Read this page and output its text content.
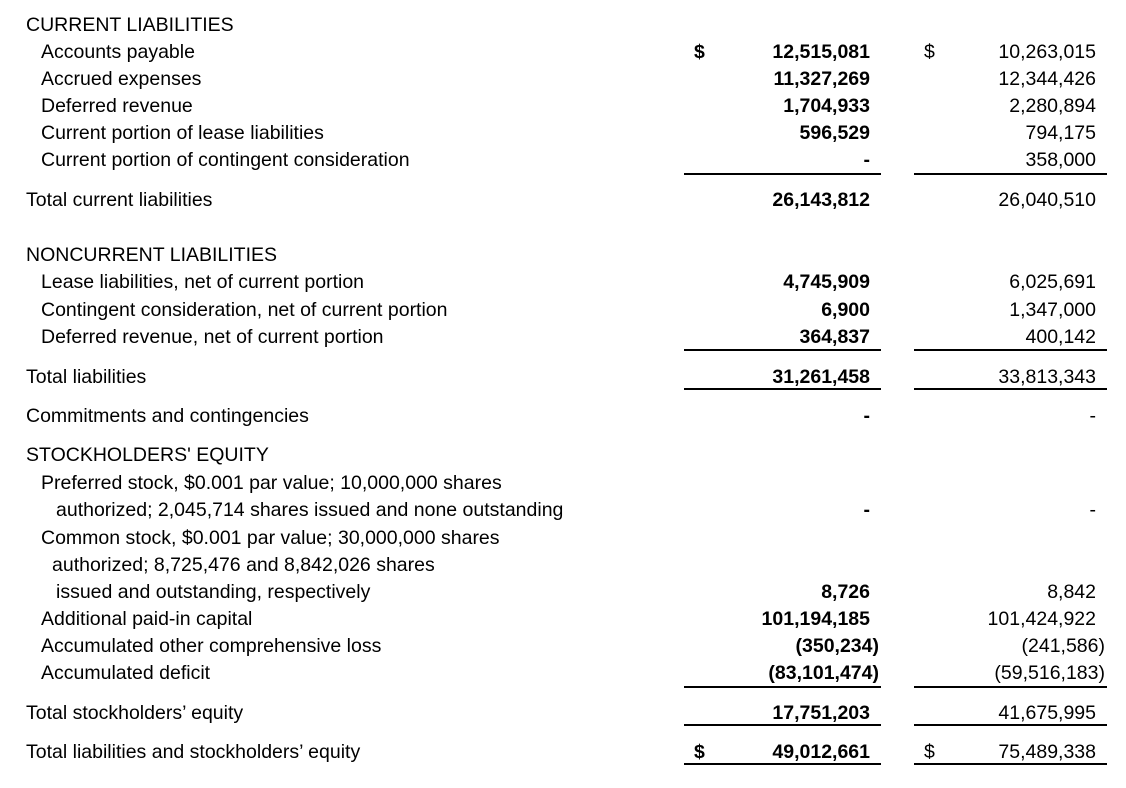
CURRENT LIABILITIES
Accounts payable	$	12,515,081	$	10,263,015
Accrued expenses	11,327,269	12,344,426
Deferred revenue	1,704,933	2,280,894
Current portion of lease liabilities	596,529	794,175
Current portion of contingent consideration	-	358,000
Total current liabilities	26,143,812	26,040,510
NONCURRENT LIABILITIES
Lease liabilities, net of current portion	4,745,909	6,025,691
Contingent consideration, net of current portion	6,900	1,347,000
Deferred revenue, net of current portion	364,837	400,142
Total liabilities	31,261,458	33,813,343
Commitments and contingencies	-	-
STOCKHOLDERS' EQUITY
Preferred stock, $0.001 par value; 10,000,000 shares
authorized; 2,045,714 shares issued and none outstanding	-	-
Common stock, $0.001 par value; 30,000,000 shares
authorized; 8,725,476 and 8,842,026 shares
issued and outstanding, respectively	8,726	8,842
Additional paid-in capital	101,194,185	101,424,922
Accumulated other comprehensive loss	(350,234)	(241,586)
Accumulated deficit	(83,101,474)	(59,516,183)
Total stockholders’ equity	17,751,203	41,675,995
Total liabilities and stockholders’ equity	$	49,012,661	$	75,489,338
